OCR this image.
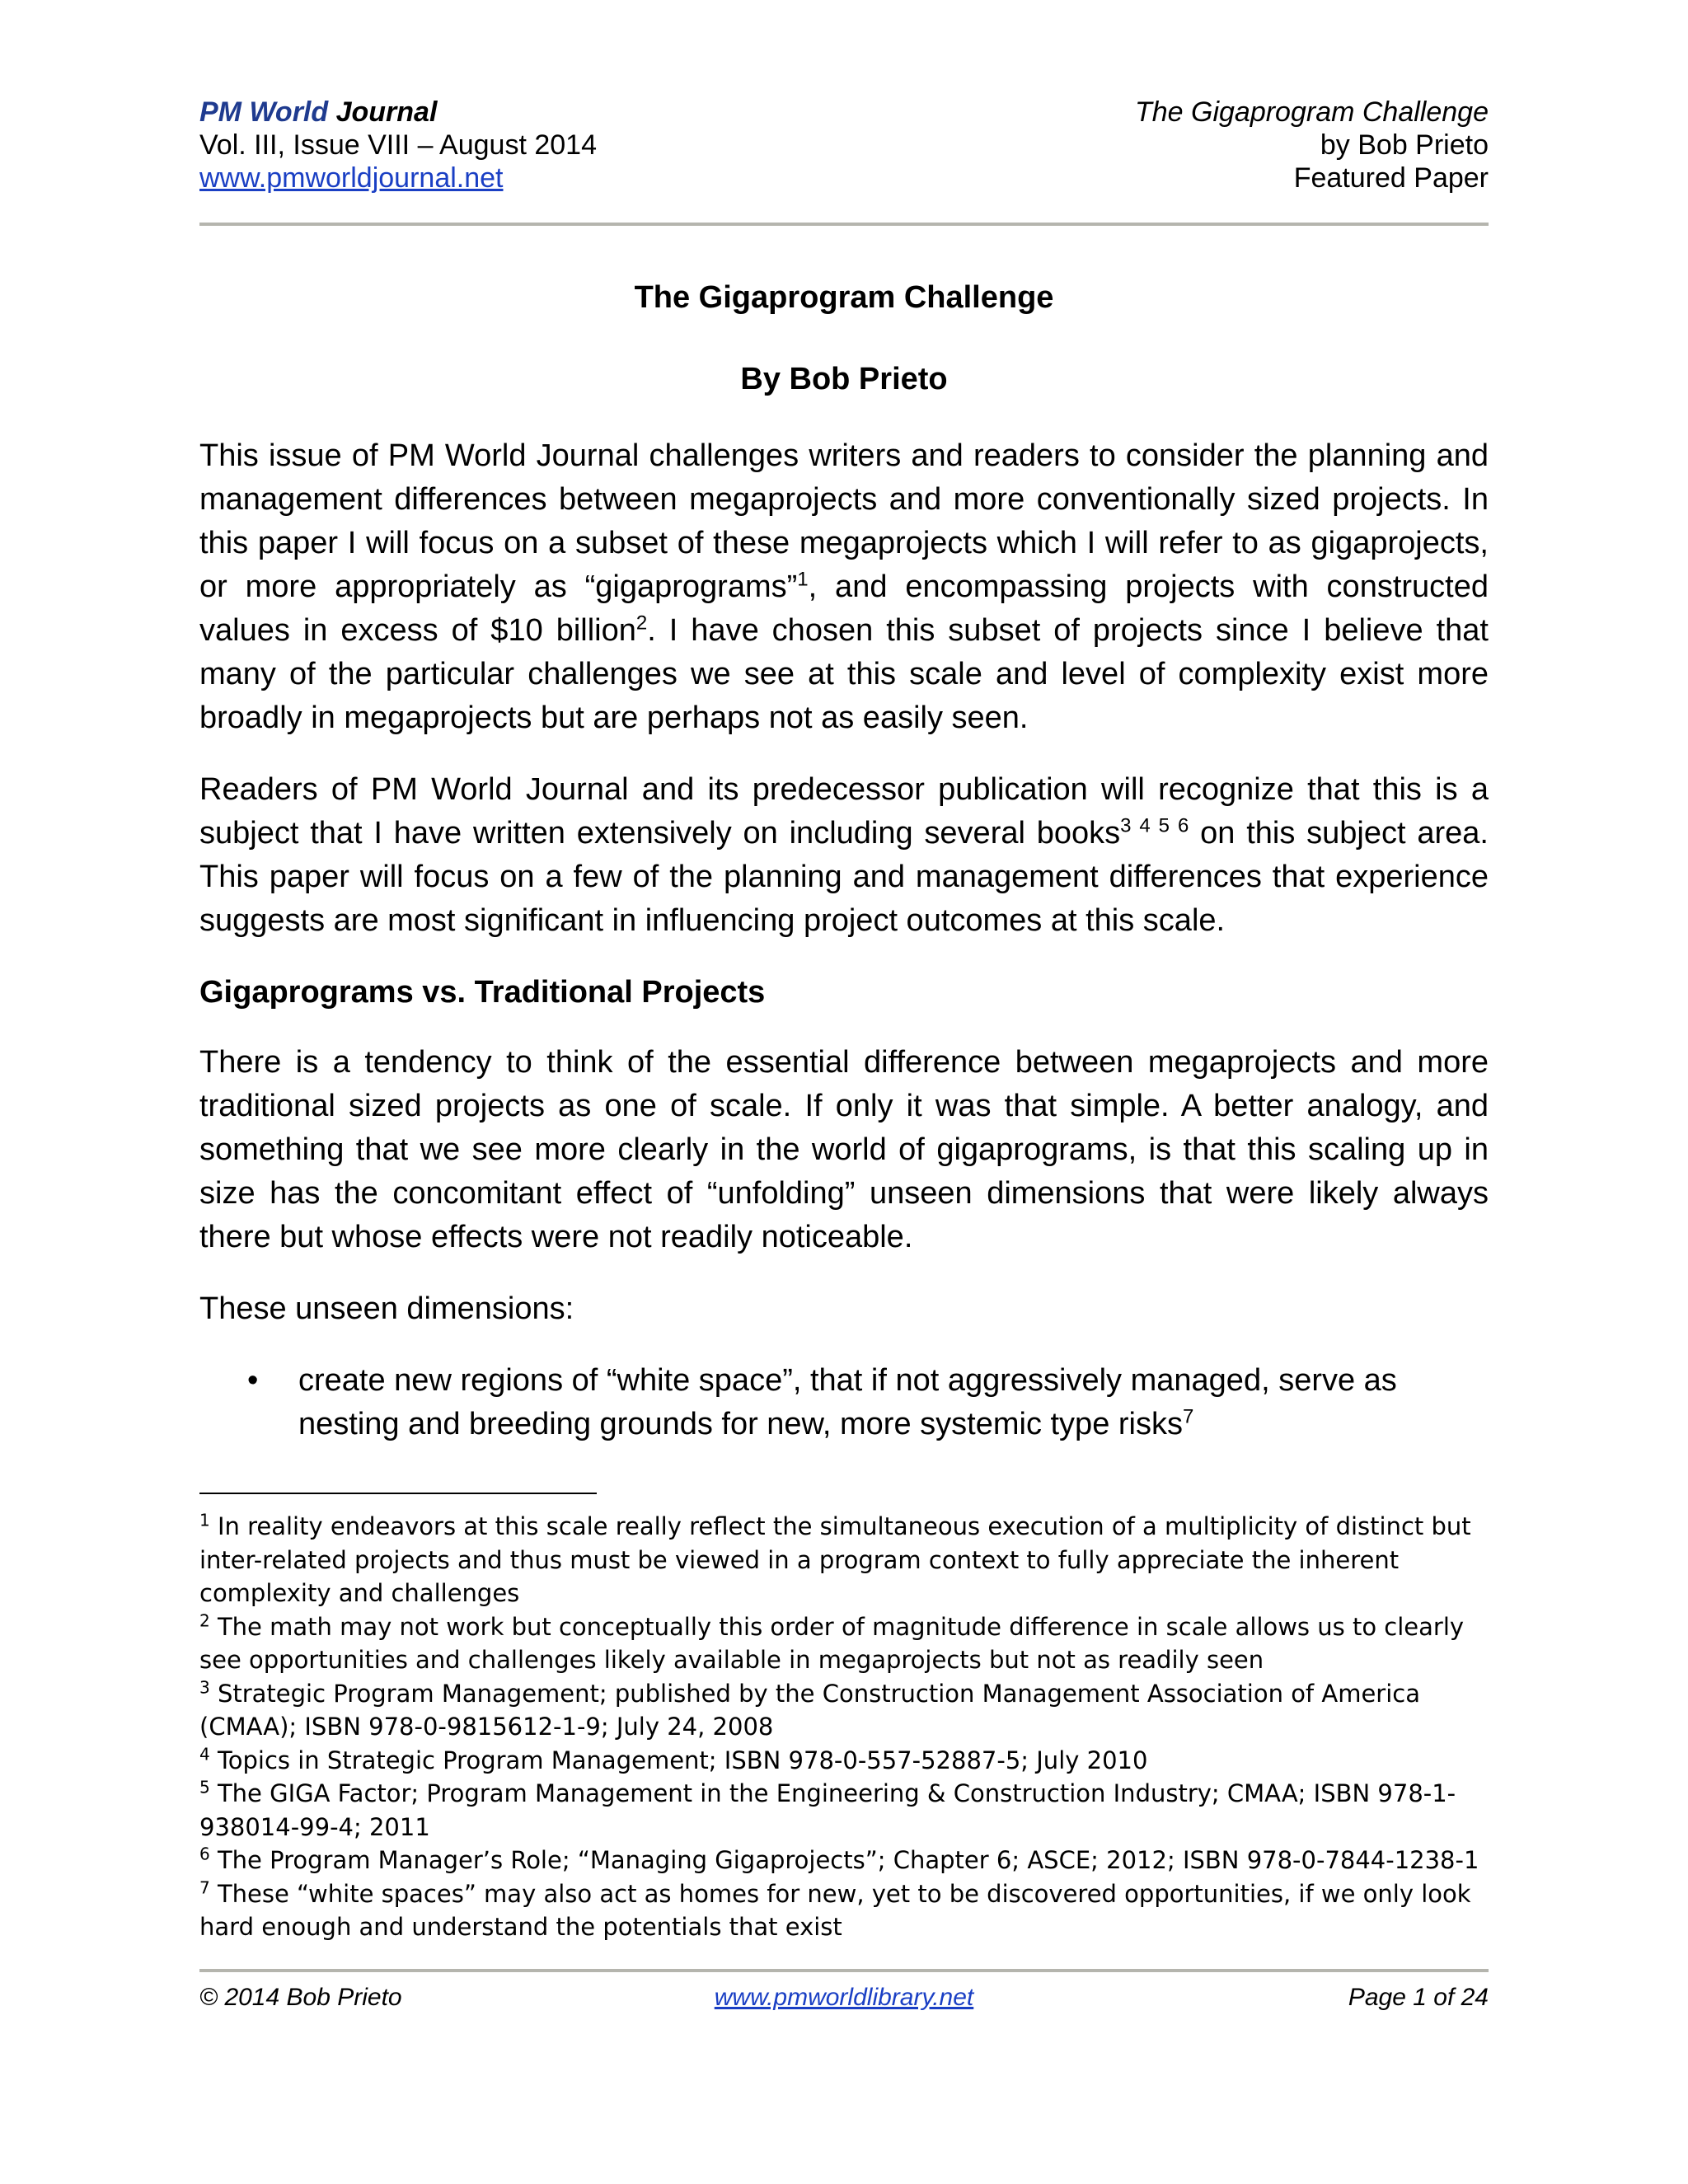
PM World Journal
Vol. III, Issue VIII – August 2014
www.pmworldjournal.net
The Gigaprogram Challenge
by Bob Prieto
Featured Paper
The Gigaprogram Challenge
By Bob Prieto

This issue of PM World Journal challenges writers and readers to consider the planning and management differences between megaprojects and more conventionally sized projects. In this paper I will focus on a subset of these megaprojects which I will refer to as gigaprojects, or more appropriately as “gigaprograms”$^1$, and encompassing projects with constructed values in excess of $10 billion$^2$. I have chosen this subset of projects since I believe that many of the particular challenges we see at this scale and level of complexity exist more broadly in megaprojects but are perhaps not as easily seen.

Readers of PM World Journal and its predecessor publication will recognize that this is a subject that I have written extensively on including several books$^{3 4 5 6}$ on this subject area. This paper will focus on a few of the planning and management differences that experience suggests are most significant in influencing project outcomes at this scale.

Gigaprograms vs. Traditional Projects

There is a tendency to think of the essential difference between megaprojects and more traditional sized projects as one of scale. If only it was that simple. A better analogy, and something that we see more clearly in the world of gigaprograms, is that this scaling up in size has the concomitant effect of “unfolding” unseen dimensions that were likely always there but whose effects were not readily noticeable.

These unseen dimensions:

• create new regions of “white space”, that if not aggressively managed, serve as nesting and breeding grounds for new, more systemic type risks$^7$

$^1$ In reality endeavors at this scale really reflect the simultaneous execution of a multiplicity of distinct but inter-related projects and thus must be viewed in a program context to fully appreciate the inherent complexity and challenges

$^2$ The math may not work but conceptually this order of magnitude difference in scale allows us to clearly see opportunities and challenges likely available in megaprojects but not as readily seen

$^3$ Strategic Program Management; published by the Construction Management Association of America (CMAA); ISBN 978-0-9815612-1-9; July 24, 2008

$^4$ Topics in Strategic Program Management; ISBN 978-0-557-52887-5; July 2010

$^5$ The GIGA Factor; Program Management in the Engineering & Construction Industry; CMAA; ISBN 978-1-938014-99-4; 2011

$^6$ The Program Manager’s Role; “Managing Gigaprojects”; Chapter 6; ASCE; 2012; ISBN 978-0-7844-1238-1

$^7$ These “white spaces” may also act as homes for new, yet to be discovered opportunities, if we only look hard enough and understand the potentials that exist

© 2014 Bob Prieto	www.pmworldlibrary.net	Page 1 of 24
